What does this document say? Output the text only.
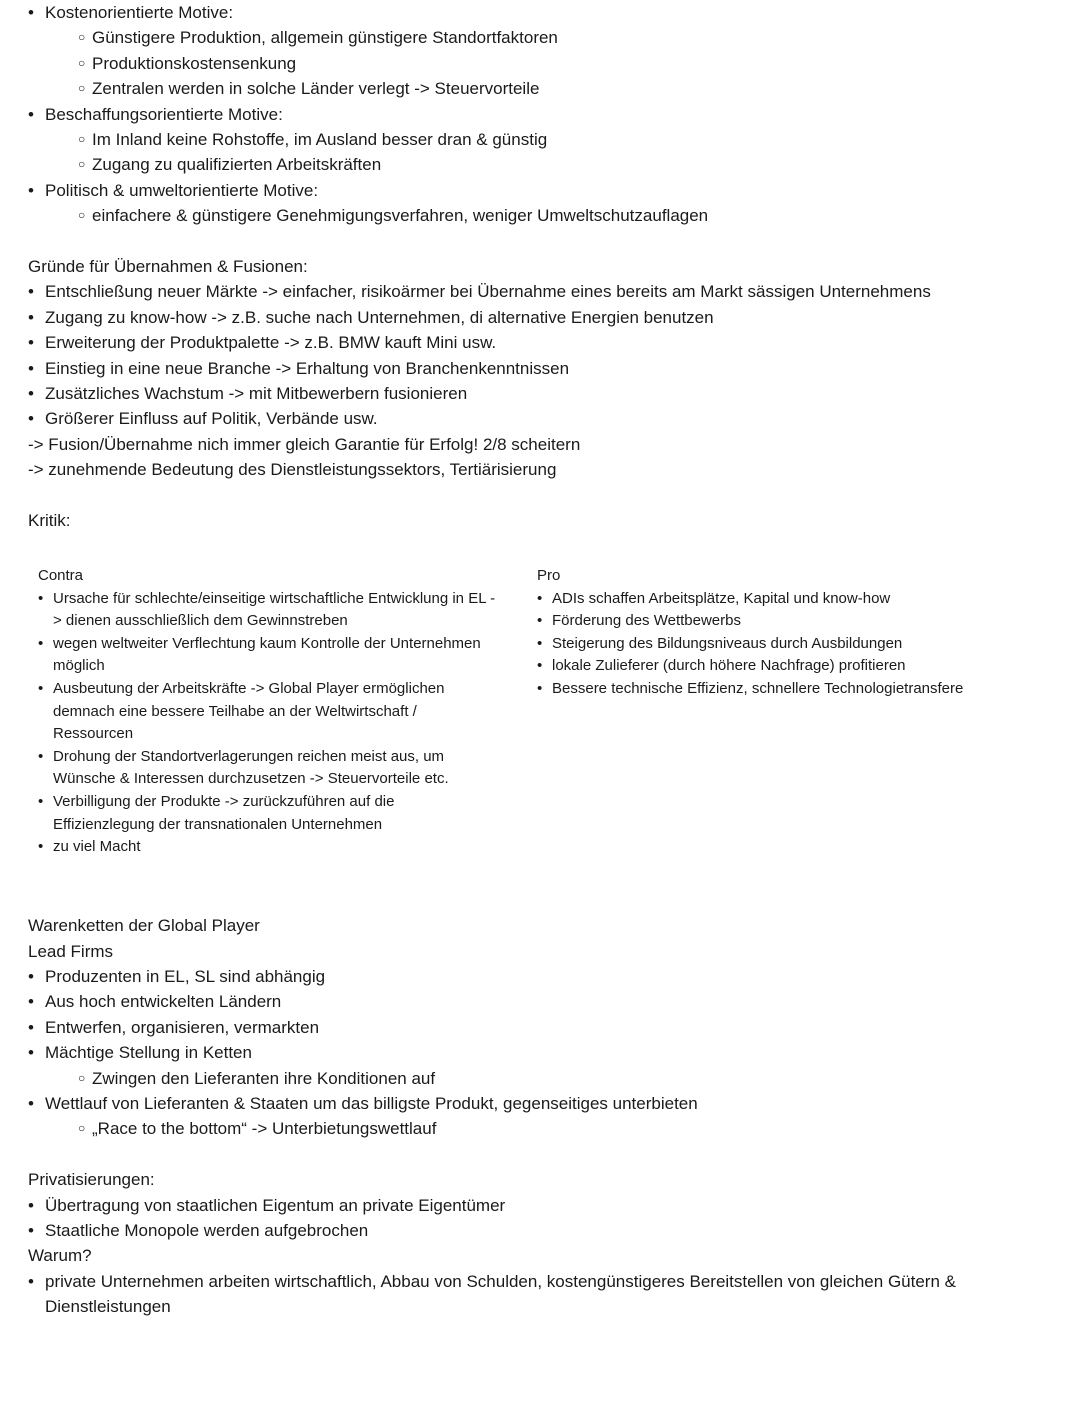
• Kostenorientierte Motive:
○ Günstigere Produktion, allgemein günstigere Standortfaktoren
○ Produktionskostensenkung
○ Zentralen werden in solche Länder verlegt -> Steuervorteile
• Beschaffungsorientierte Motive:
○ Im Inland keine Rohstoffe, im Ausland besser dran & günstig
○ Zugang zu qualifizierten Arbeitskräften
• Politisch & umweltorientierte Motive:
○ einfachere & günstigere Genehmigungsverfahren, weniger Umweltschutzauflagen
Gründe für Übernahmen & Fusionen:
• Entschließung neuer Märkte -> einfacher, risikoärmer bei Übernahme eines bereits am Markt sässigen Unternehmens
• Zugang zu know-how -> z.B. suche nach Unternehmen, di alternative Energien benutzen
• Erweiterung der Produktpalette -> z.B. BMW kauft Mini usw.
• Einstieg in eine neue Branche -> Erhaltung von Branchenkenntnissen
• Zusätzliches Wachstum -> mit Mitbewerbern fusionieren
• Größerer Einfluss auf Politik, Verbände usw.
-> Fusion/Übernahme nich immer gleich Garantie für Erfolg! 2/8 scheitern
-> zunehmende Bedeutung des Dienstleistungssektors, Tertiärisierung
Kritik:
Contra
• Ursache für schlechte/einseitige wirtschaftliche Entwicklung in EL -> dienen ausschließlich dem Gewinnstreben
• wegen weltweiter Verflechtung kaum Kontrolle der Unternehmen möglich
• Ausbeutung der Arbeitskräfte -> Global Player ermöglichen demnach eine bessere Teilhabe an der Weltwirtschaft / Ressourcen
• Drohung der Standortverlagerungen reichen meist aus, um Wünsche & Interessen durchzusetzen -> Steuervorteile etc.
• Verbilligung der Produkte -> zurückzuführen auf die Effizienzlegung der transnationalen Unternehmen
• zu viel Macht
Pro
• ADIs schaffen Arbeitsplätze, Kapital und know-how
• Förderung des Wettbewerbs
• Steigerung des Bildungsniveaus durch Ausbildungen
• lokale Zulieferer (durch höhere Nachfrage) profitieren
• Bessere technische Effizienz, schnellere Technologietransfere
Warenketten der Global Player
Lead Firms
• Produzenten in EL, SL sind abhängig
• Aus hoch entwickelten Ländern
• Entwerfen, organisieren, vermarkten
• Mächtige Stellung in Ketten
○ Zwingen den Lieferanten ihre Konditionen auf
• Wettlauf von Lieferanten & Staaten um das billigste Produkt, gegenseitiges unterbieten
○ „Race to the bottom“ -> Unterbietungswettlauf
Privatisierungen:
• Übertragung von staatlichen Eigentum an private Eigentümer
• Staatliche Monopole werden aufgebrochen
Warum?
• private Unternehmen arbeiten wirtschaftlich, Abbau von Schulden, kostengünstigeres Bereitstellen von gleichen Gütern & Dienstleistungen
